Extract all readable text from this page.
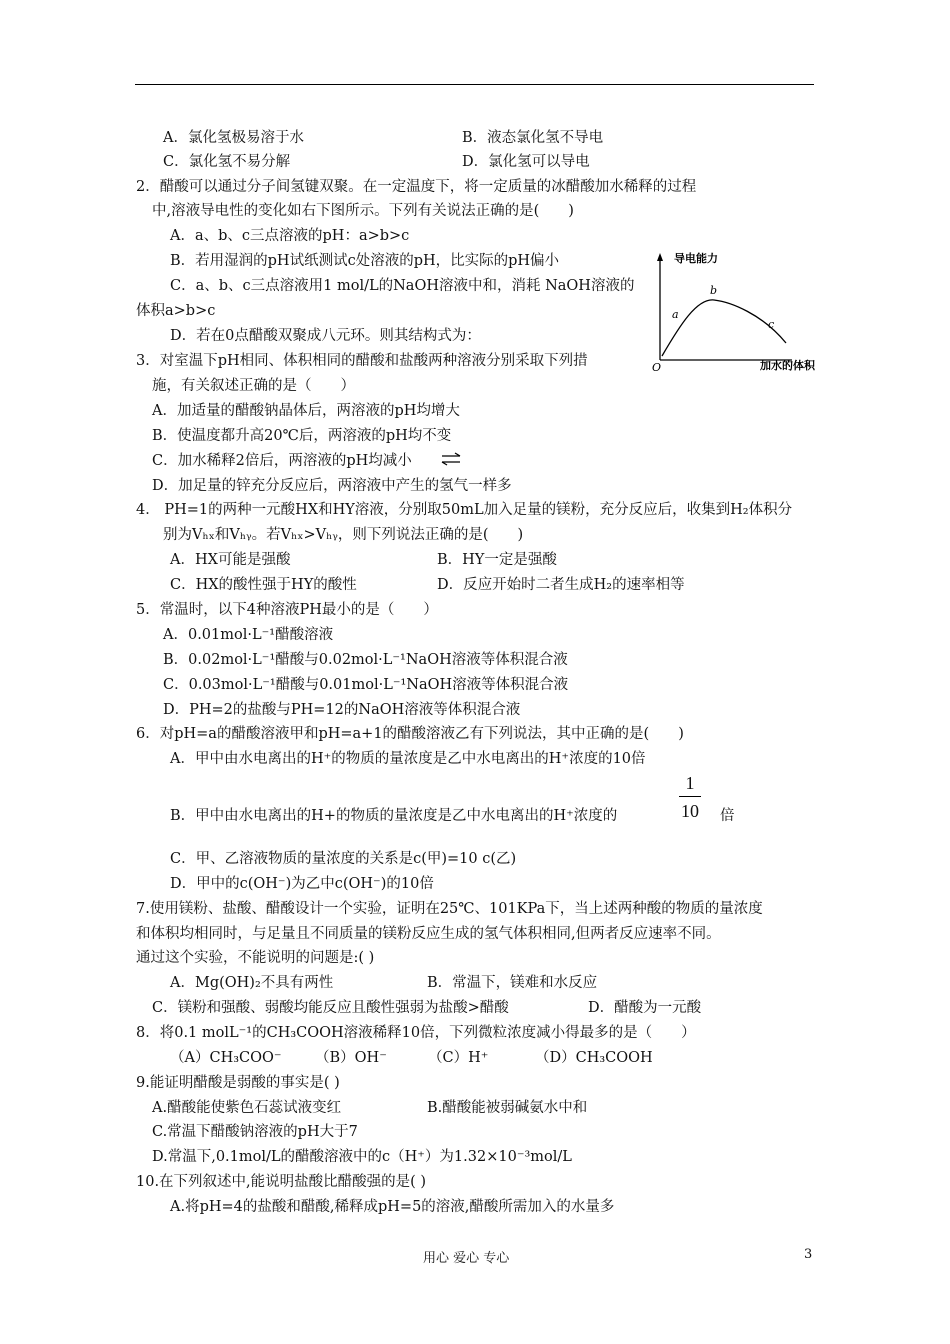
A．氯化氢极易溶于水	B．液态氯化氢不导电
C．氯化氢不易分解	D．氯化氢可以导电
2．醋酸可以通过分子间氢键双聚。在一定温度下，将一定质量的冰醋酸加水稀释的过程
中,溶液导电性的变化如右下图所示。下列有关说法正确的是(　　)
A．a、b、c三点溶液的pH：a>b>c
B．若用湿润的pH试纸测试c处溶液的pH，比实际的pH偏小
C．a、b、c三点溶液用1 mol/L的NaOH溶液中和，消耗 NaOH溶液的
体积a>b>c
D．若在0点醋酸双聚成八元环。则其结构式为：
导电能力
O	加水的体积
a
b
c
3．对室温下pH相同、体积相同的醋酸和盐酸两种溶液分别采取下列措
施，有关叙述正确的是（　　）
A．加适量的醋酸钠晶体后，两溶液的pH均增大
B．使温度都升高20℃后，两溶液的pH均不变
C．加水稀释2倍后，两溶液的pH均减小
D．加足量的锌充分反应后，两溶液中产生的氢气一样多
4． PH=1的两种一元酸HX和HY溶液，分别取50mL加入足量的镁粉，充分反应后，收集到H₂体积分
别为Vₕₓ和Vₕᵧ。若Vₕₓ>Vₕᵧ，则下列说法正确的是(　　)
A．HX可能是强酸	B．HY一定是强酸
C．HX的酸性强于HY的酸性	D．反应开始时二者生成H₂的速率相等
5．常温时，以下4种溶液PH最小的是（　　）
A．0.01mol·L⁻¹醋酸溶液
B．0.02mol·L⁻¹醋酸与0.02mol·L⁻¹NaOH溶液等体积混合液
C．0.03mol·L⁻¹醋酸与0.01mol·L⁻¹NaOH溶液等体积混合液
D．PH=2的盐酸与PH=12的NaOH溶液等体积混合液
6．对pH=a的醋酸溶液甲和pH=a+1的醋酸溶液乙有下列说法，其中正确的是(　　)
A．甲中由水电离出的H⁺的物质的量浓度是乙中水电离出的H⁺浓度的10倍
B．甲中由水电离出的H+的物质的量浓度是乙中水电离出的H⁺浓度的
1
10 倍
C．甲、乙溶液物质的量浓度的关系是c(甲)=10 c(乙)
D．甲中的c(OH⁻)为乙中c(OH⁻)的10倍
7.使用镁粉、盐酸、醋酸设计一个实验，证明在25℃、101KPa下，当上述两种酸的物质的量浓度
和体积均相同时，与足量且不同质量的镁粉反应生成的氢气体积相同,但两者反应速率不同。
通过这个实验，不能说明的问题是:( )
A．Mg(OH)₂不具有两性	B．常温下，镁难和水反应
C．镁粉和强酸、弱酸均能反应且酸性强弱为盐酸>醋酸	D．醋酸为一元酸
8．将0.1 molL⁻¹的CH₃COOH溶液稀释10倍，下列微粒浓度减小得最多的是（　　）
（A）CH₃COO⁻ （B）OH⁻	（C）H⁺	（D）CH₃COOH
9.能证明醋酸是弱酸的事实是( )
A.醋酸能使紫色石蕊试液变红	B.醋酸能被弱碱氨水中和
C.常温下醋酸钠溶液的pH大于7
D.常温下,0.1mol/L的醋酸溶液中的c（H⁺）为1.32×10⁻³mol/L
10.在下列叙述中,能说明盐酸比醋酸强的是( )
A.将pH=4的盐酸和醋酸,稀释成pH=5的溶液,醋酸所需加入的水量多
用心 爱心 专心	3
